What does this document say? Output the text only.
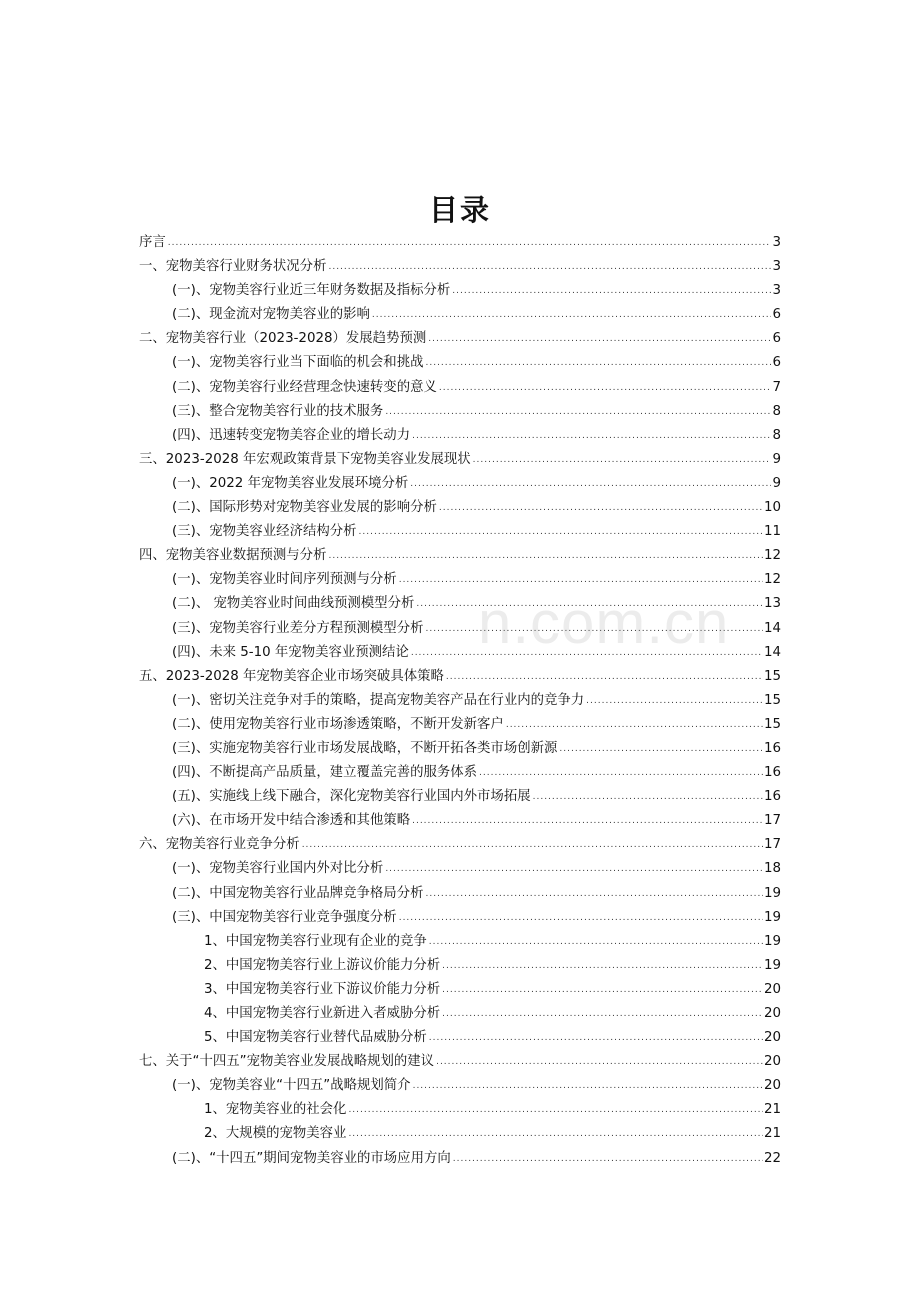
目录
序言 .....	3
一、宠物美容行业财务状况分析 .....	3
(一)、宠物美容行业近三年财务数据及指标分析 .....	3
(二)、现金流对宠物美容业的影响 .....	6
二、宠物美容行业（2023-2028）发展趋势预测 .....	6
(一)、宠物美容行业当下面临的机会和挑战 .....	6
(二)、宠物美容行业经营理念快速转变的意义 .....	7
(三)、整合宠物美容行业的技术服务 .....	8
(四)、迅速转变宠物美容企业的增长动力 .....	8
三、2023-2028 年宏观政策背景下宠物美容业发展现状 .....	9
(一)、2022 年宠物美容业发展环境分析 .....	9
(二)、国际形势对宠物美容业发展的影响分析 .....	10
(三)、宠物美容业经济结构分析 .....	11
四、宠物美容业数据预测与分析 .....	12
(一)、宠物美容业时间序列预测与分析 .....	12
(二)、 宠物美容业时间曲线预测模型分析 .....	13
(三)、宠物美容行业差分方程预测模型分析 .....	14
(四)、未来 5-10 年宠物美容业预测结论 .....	14
五、2023-2028 年宠物美容企业市场突破具体策略 .....	15
(一)、密切关注竞争对手的策略，提高宠物美容产品在行业内的竞争力 .....	15
(二)、使用宠物美容行业市场渗透策略，不断开发新客户 .....	15
(三)、实施宠物美容行业市场发展战略，不断开拓各类市场创新源 .....	16
(四)、不断提高产品质量，建立覆盖完善的服务体系 .....	16
(五)、实施线上线下融合，深化宠物美容行业国内外市场拓展 .....	16
(六)、在市场开发中结合渗透和其他策略 .....	17
六、宠物美容行业竞争分析 .....	17
(一)、宠物美容行业国内外对比分析 .....	18
(二)、中国宠物美容行业品牌竞争格局分析 .....	19
(三)、中国宠物美容行业竞争强度分析 .....	19
1、中国宠物美容行业现有企业的竞争 .....	19
2、中国宠物美容行业上游议价能力分析 .....	19
3、中国宠物美容行业下游议价能力分析 .....	20
4、中国宠物美容行业新进入者威胁分析 .....	20
5、中国宠物美容行业替代品威胁分析 .....	20
七、关于“十四五”宠物美容业发展战略规划的建议 .....	20
(一)、宠物美容业“十四五”战略规划简介 .....	20
1、宠物美容业的社会化 .....	21
2、大规模的宠物美容业 .....	21
(二)、“十四五”期间宠物美容业的市场应用方向 .....	22
n.com.cn
